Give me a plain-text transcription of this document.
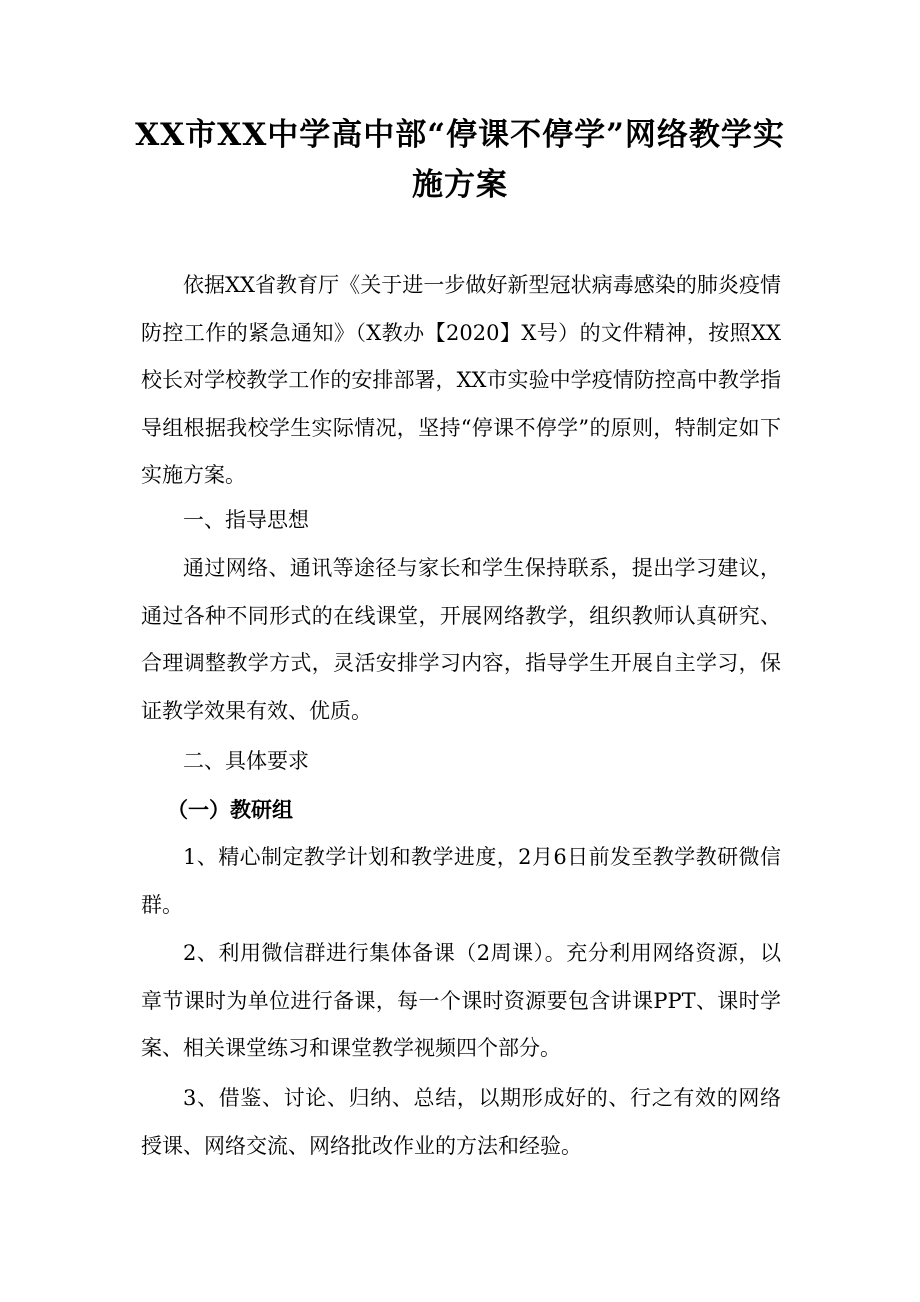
XX市XX中学高中部“停课不停学”网络教学实施方案

依据XX省教育厅《关于进一步做好新型冠状病毒感染的肺炎疫情防控工作的紧急通知》（X教办【2020】X号）的文件精神，按照XX校长对学校教学工作的安排部署，XX市实验中学疫情防控高中教学指导组根据我校学生实际情况，坚持“停课不停学”的原则，特制定如下实施方案。

一、指导思想

通过网络、通讯等途径与家长和学生保持联系，提出学习建议，通过各种不同形式的在线课堂，开展网络教学，组织教师认真研究、合理调整教学方式，灵活安排学习内容，指导学生开展自主学习，保证教学效果有效、优质。

二、具体要求

（一）教研组

1、精心制定教学计划和教学进度，2月6日前发至教学教研微信群。

2、利用微信群进行集体备课（2周课）。充分利用网络资源，以章节课时为单位进行备课，每一个课时资源要包含讲课PPT、课时学案、相关课堂练习和课堂教学视频四个部分。

3、借鉴、讨论、归纳、总结，以期形成好的、行之有效的网络授课、网络交流、网络批改作业的方法和经验。
